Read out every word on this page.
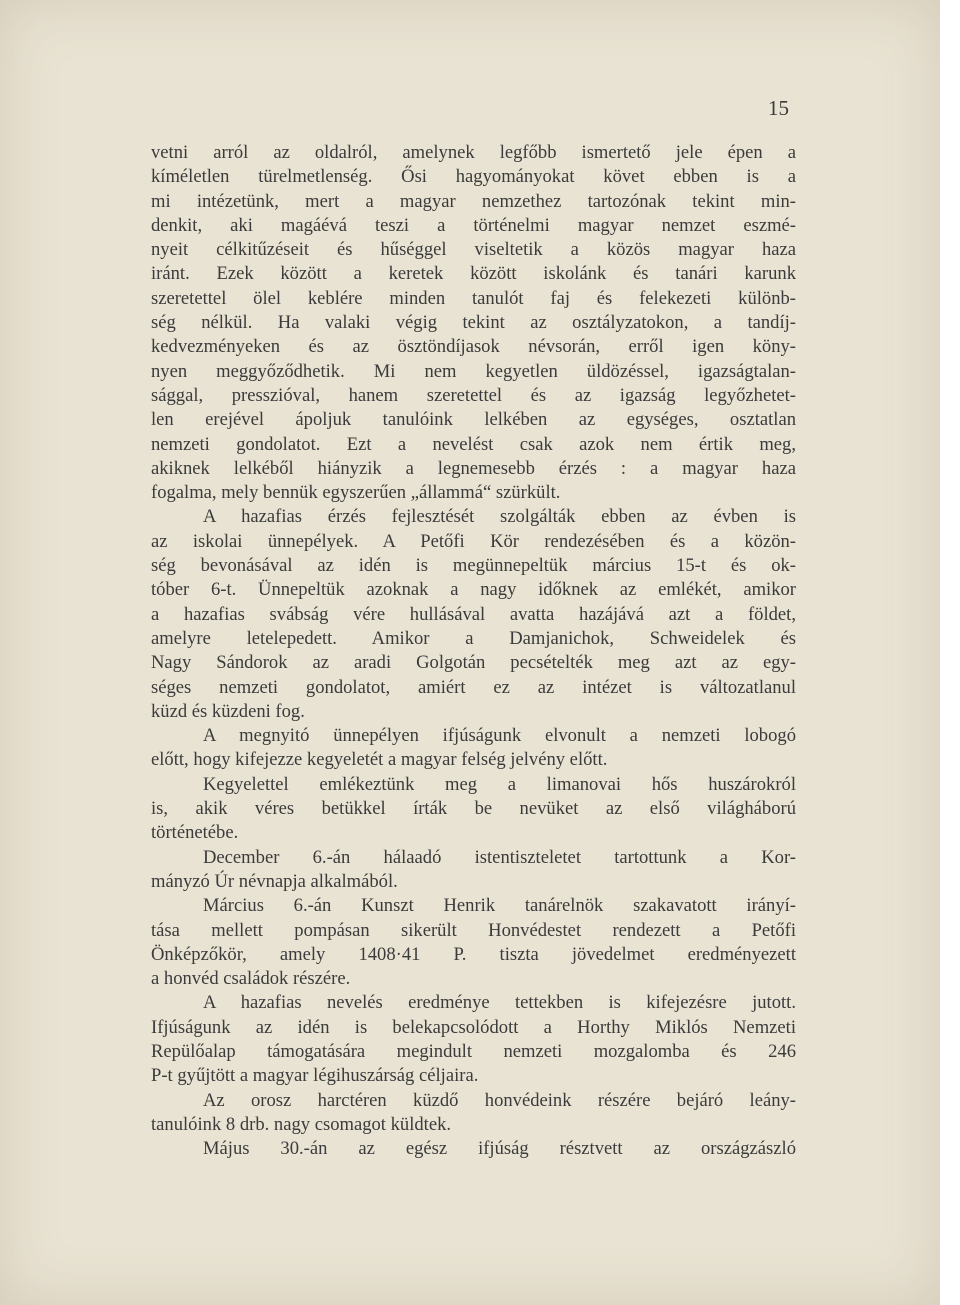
15
vetni arról az oldalról, amelynek legfőbb ismertető jele épen a
kíméletlen türelmetlenség. Ősi hagyományokat követ ebben is a
mi intézetünk, mert a magyar nemzethez tartozónak tekint min-
denkit, aki magáévá teszi a történelmi magyar nemzet eszmé-
nyeit célkitűzéseit és hűséggel viseltetik a közös magyar haza
iránt. Ezek között a keretek között iskolánk és tanári karunk
szeretettel ölel keblére minden tanulót faj és felekezeti különb-
ség nélkül. Ha valaki végig tekint az osztályzatokon, a tandíj-
kedvezményeken és az ösztöndíjasok névsorán, erről igen köny-
nyen meggyőződhetik. Mi nem kegyetlen üldözéssel, igazságtalan-
sággal, presszióval, hanem szeretettel és az igazság legyőzhetet-
len erejével ápoljuk tanulóink lelkében az egységes, osztatlan
nemzeti gondolatot. Ezt a nevelést csak azok nem értik meg,
akiknek lelkéből hiányzik a legnemesebb érzés : a magyar haza
fogalma, mely bennük egyszerűen „állammá“ szürkült.
A hazafias érzés fejlesztését szolgálták ebben az évben is
az iskolai ünnepélyek. A Petőfi Kör rendezésében és a közön-
ség bevonásával az idén is megünnepeltük március 15-t és ok-
tóber 6-t. Ünnepeltük azoknak a nagy időknek az emlékét, amikor
a hazafias svábság vére hullásával avatta hazájává azt a földet,
amelyre letelepedett. Amikor a Damjanichok, Schweidelek és
Nagy Sándorok az aradi Golgotán pecsételték meg azt az egy-
séges nemzeti gondolatot, amiért ez az intézet is változatlanul
küzd és küzdeni fog.
A megnyitó ünnepélyen ifjúságunk elvonult a nemzeti lobogó
előtt, hogy kifejezze kegyeletét a magyar felség jelvény előtt.
Kegyelettel emlékeztünk meg a limanovai hős huszárokról
is, akik véres betükkel írták be nevüket az első világháború
történetébe.
December 6.-án hálaadó istentiszteletet tartottunk a Kor-
mányzó Úr névnapja alkalmából.
Március 6.-án Kunszt Henrik tanárelnök szakavatott irányí-
tása mellett pompásan sikerült Honvédestet rendezett a Petőfi
Önképzőkör, amely 1408·41 P. tiszta jövedelmet eredményezett
a honvéd családok részére.
A hazafias nevelés eredménye tettekben is kifejezésre jutott.
Ifjúságunk az idén is belekapcsolódott a Horthy Miklós Nemzeti
Repülőalap támogatására megindult nemzeti mozgalomba és 246
P-t gyűjtött a magyar légihuszárság céljaira.
Az orosz harctéren küzdő honvédeink részére bejáró leány-
tanulóink 8 drb. nagy csomagot küldtek.
Május 30.-án az egész ifjúság résztvett az országzászló
